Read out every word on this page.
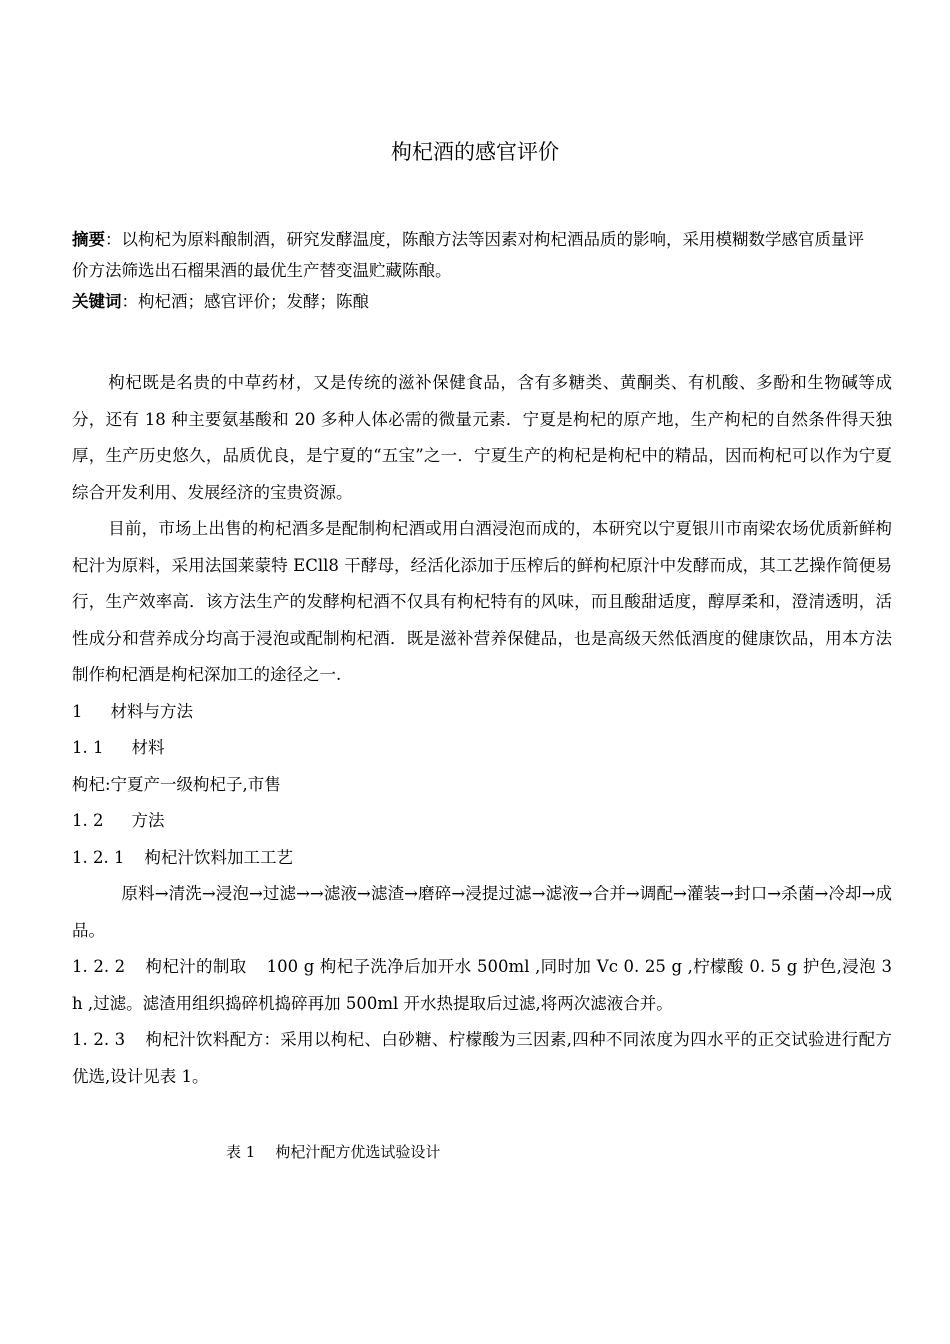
枸杞酒的感官评价
摘要：以枸杞为原料酿制酒，研究发酵温度，陈酿方法等因素对枸杞酒品质的影响，采用模糊数学感官质量评价方法筛选出石榴果酒的最优生产替变温贮藏陈酿。
关键词：枸杞酒；感官评价；发酵；陈酿

枸杞既是名贵的中草药材，又是传统的滋补保健食品，含有多糖类、黄酮类、有机酸、多酚和生物碱等成分，还有 18 种主要氨基酸和 20 多种人体必需的微量元素．宁夏是枸杞的原产地，生产枸杞的自然条件得天独厚，生产历史悠久，品质优良，是宁夏的“五宝”之一．宁夏生产的枸杞是枸杞中的精品，因而枸杞可以作为宁夏综合开发利用、发展经济的宝贵资源。

目前，市场上出售的枸杞酒多是配制枸杞酒或用白酒浸泡而成的，本研究以宁夏银川市南梁农场优质新鲜枸杞汁为原料，采用法国莱蒙特 ECll8 干酵母，经活化添加于压榨后的鲜枸杞原汁中发酵而成，其工艺操作简便易行，生产效率高．该方法生产的发酵枸杞酒不仅具有枸杞特有的风味，而且酸甜适度，醇厚柔和，澄清透明，活性成分和营养成分均高于浸泡或配制枸杞酒．既是滋补营养保健品，也是高级天然低酒度的健康饮品，用本方法制作枸杞酒是枸杞深加工的途径之一.

1 材料与方法

1. 1 材料

枸杞:宁夏产一级枸杞子,市售

1. 2 方法

1. 2. 1 枸杞汁饮料加工工艺

原料→清洗→浸泡→过滤→→滤液→滤渣→磨碎→浸提过滤→滤液→合并→调配→灌装→封口→杀菌→冷却→成品。

1. 2. 2 枸杞汁的制取 100 g 枸杞子洗净后加开水 500ml ,同时加 Vc 0. 25 g ,柠檬酸 0. 5 g 护色,浸泡 3 h ,过滤。滤渣用组织捣碎机捣碎再加 500ml 开水热提取后过滤,将两次滤液合并。

1. 2. 3 枸杞汁饮料配方：采用以枸杞、白砂糖、柠檬酸为三因素,四种不同浓度为四水平的正交试验进行配方优选,设计见表 1。

表 1 枸杞汁配方优选试验设计
